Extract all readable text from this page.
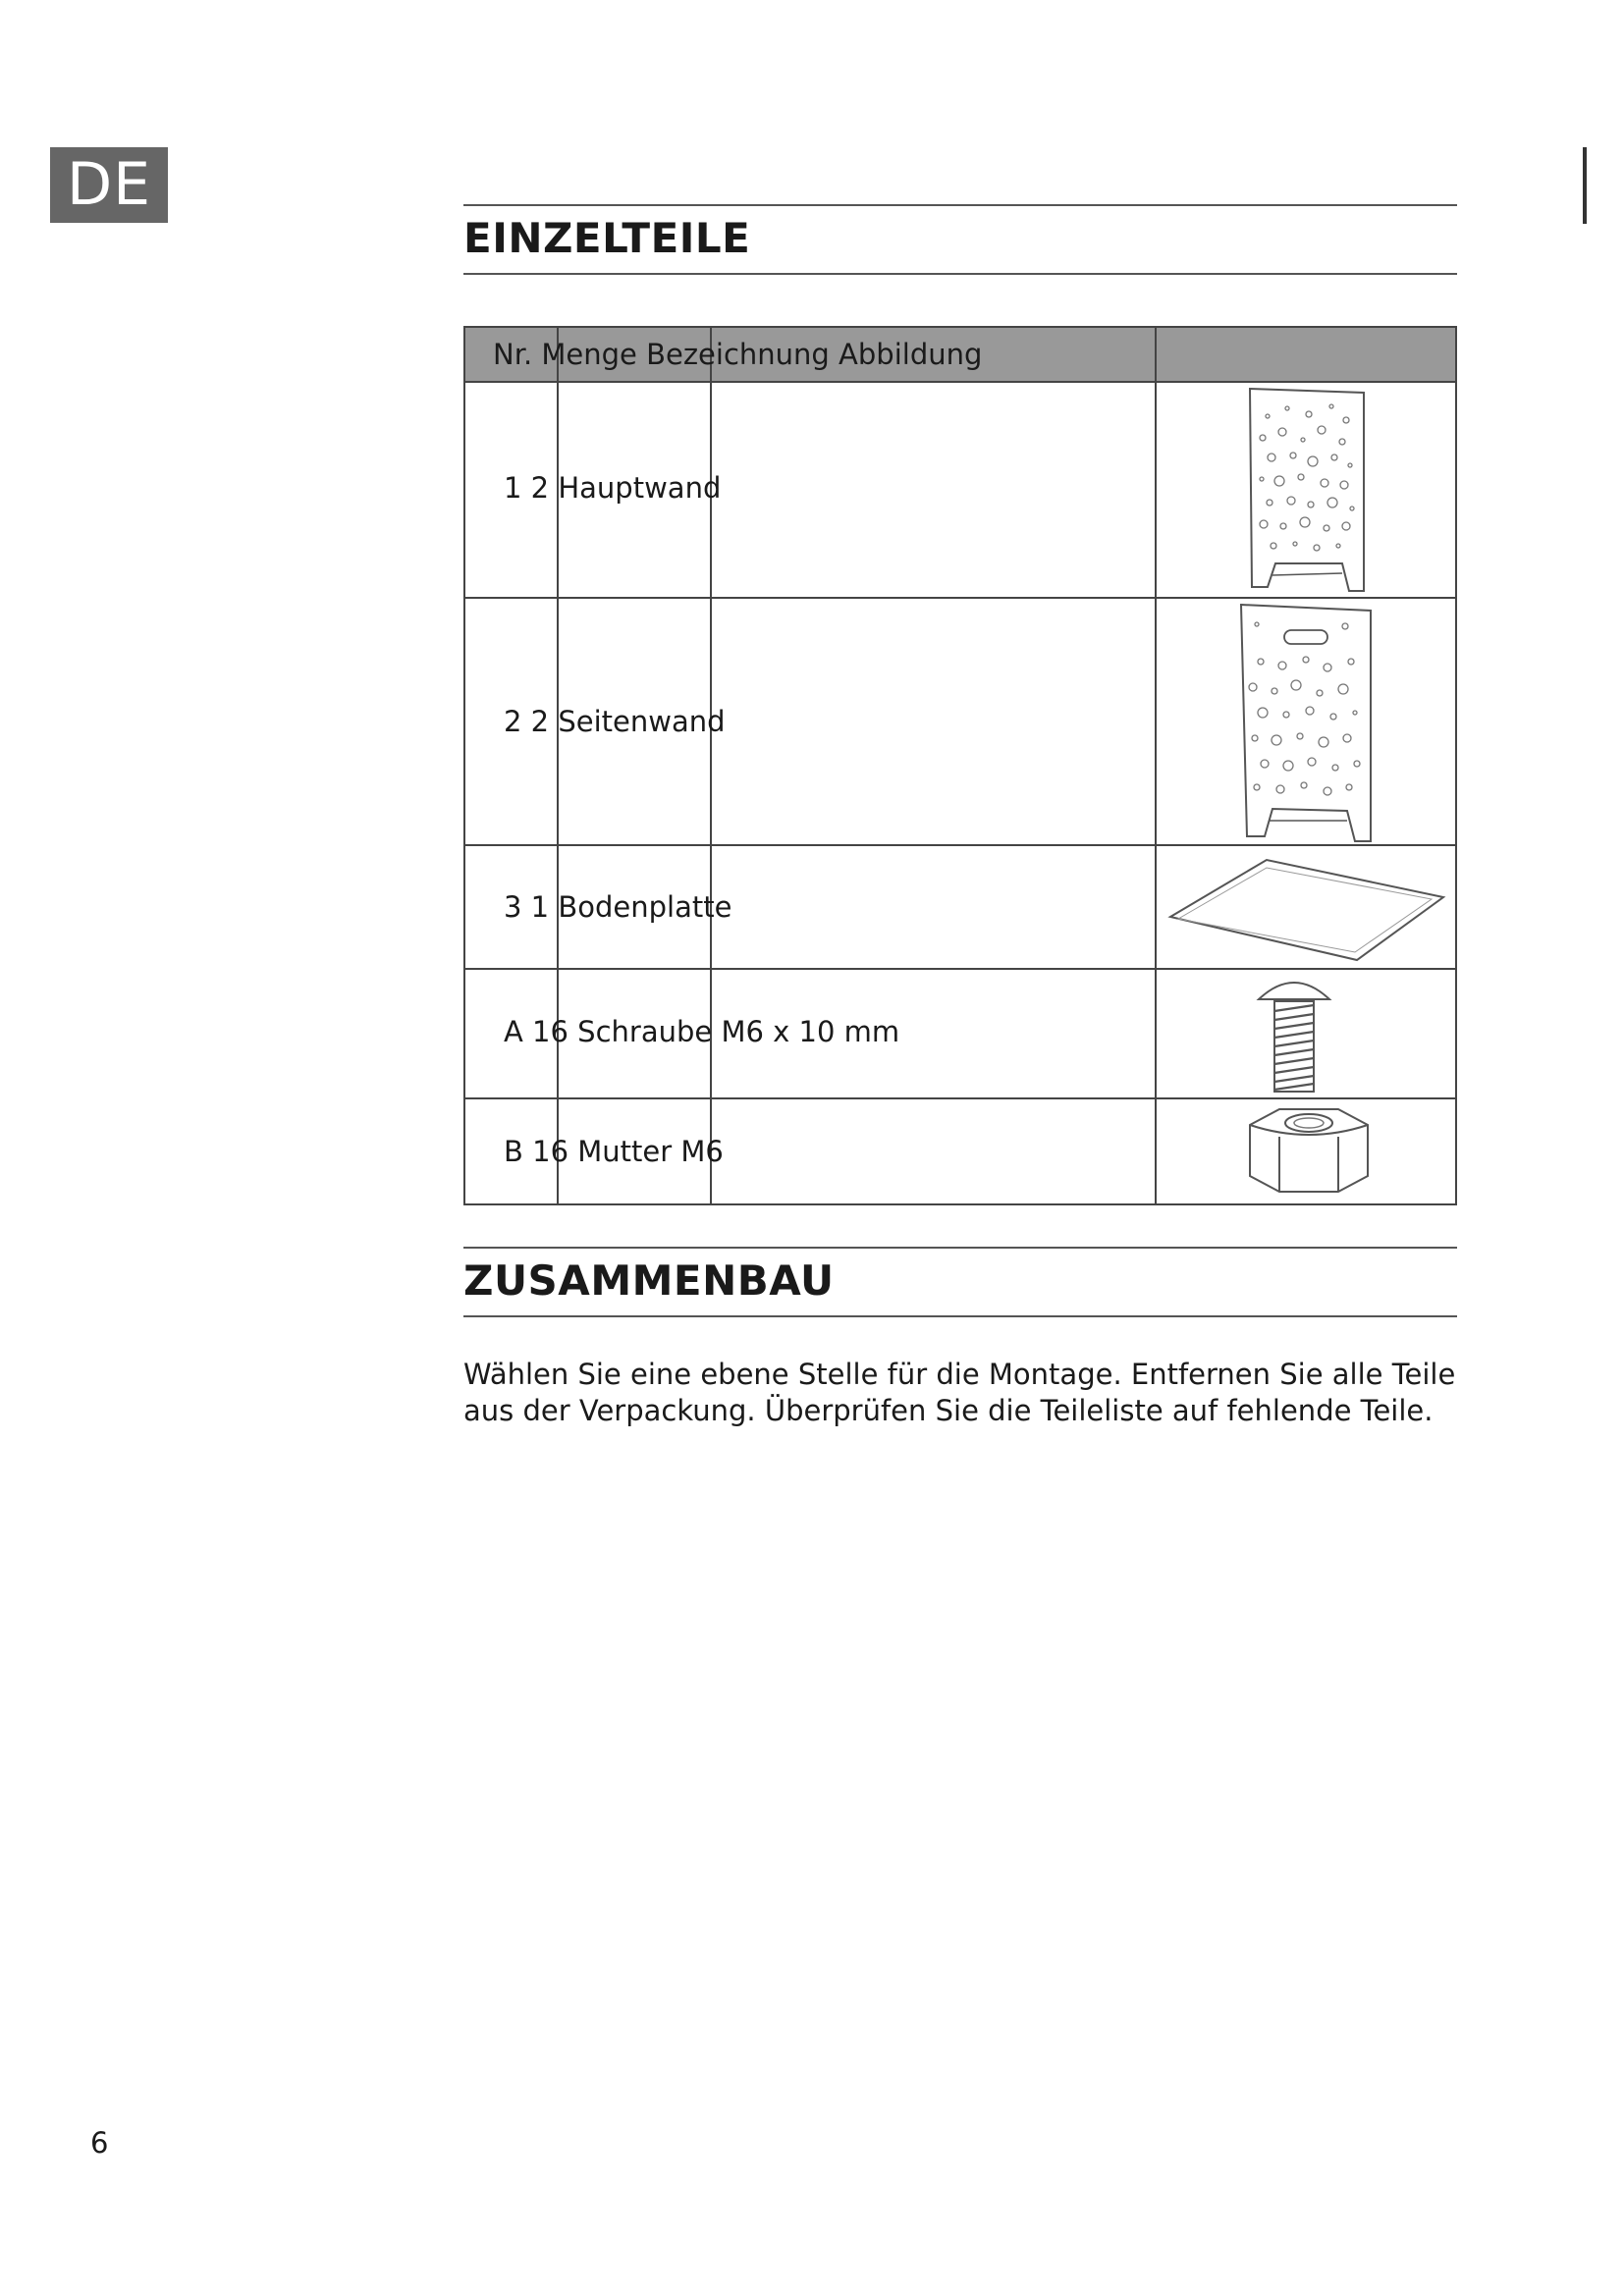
DE
EINZELTEILE
Nr. Menge Bezeichnung Abbildung
1 2 Hauptwand
2 2 Seitenwand
3 1 Bodenplatte
A 16 Schraube M6 x 10 mm
B 16 Mutter M6
ZUSAMMENBAU
Wählen Sie eine ebene Stelle für die Montage. Entfernen Sie alle Teile aus der Verpackung. Überprüfen Sie die Teileliste auf fehlende Teile.
6
